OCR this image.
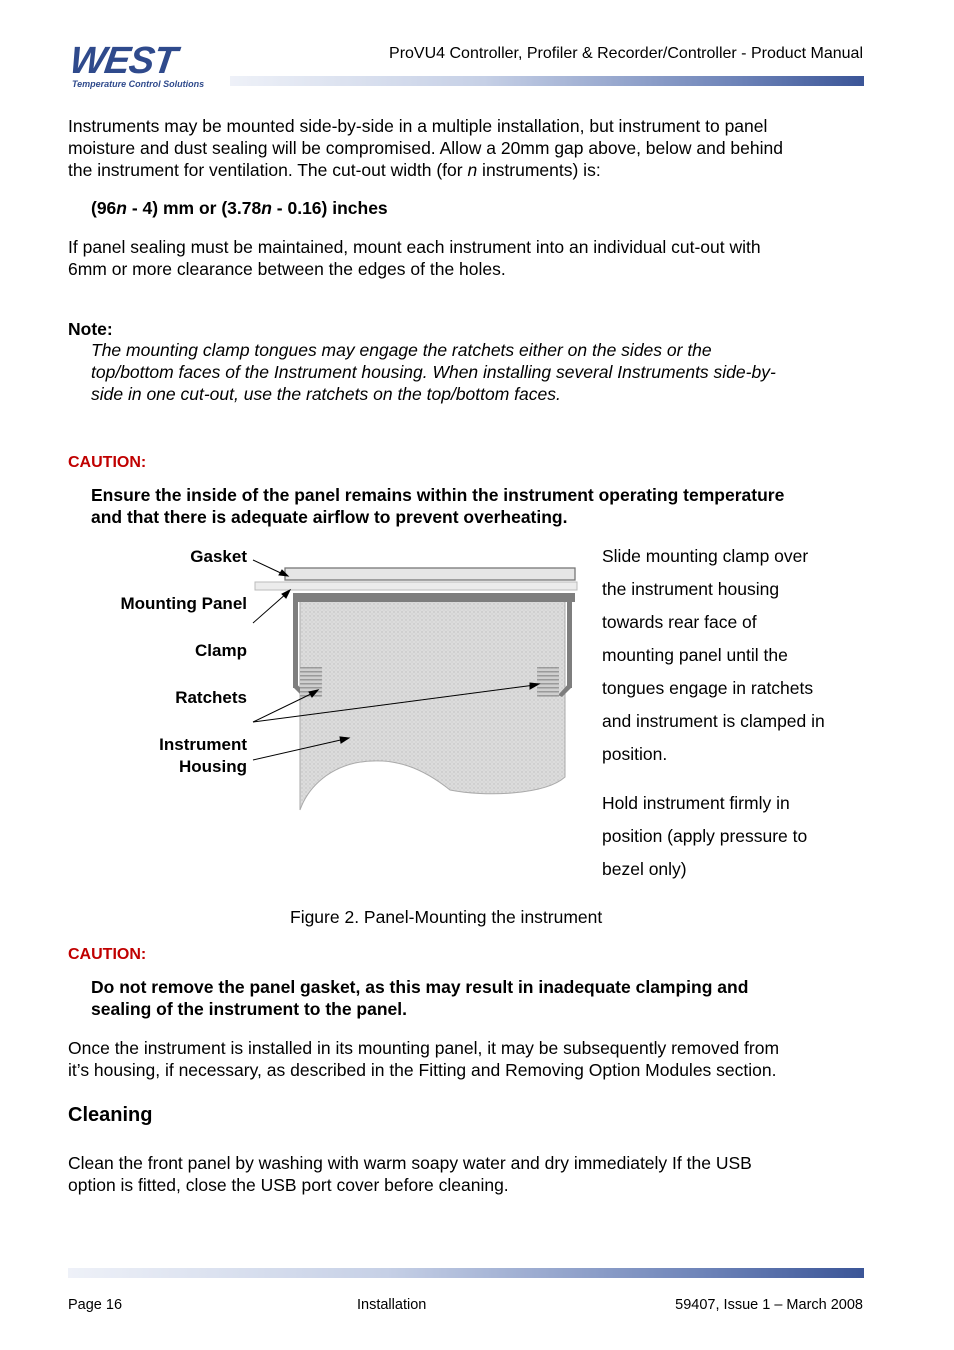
WEST
Temperature Control Solutions
ProVU4 Controller, Profiler & Recorder/Controller - Product Manual
Instruments may be mounted side-by-side in a multiple installation, but instrument to panel
moisture and dust sealing will be compromised. Allow a 20mm gap above, below and behind
the instrument for ventilation. The cut-out width (for n instruments) is:
(96n - 4) mm or (3.78n - 0.16) inches
If panel sealing must be maintained, mount each instrument into an individual cut-out with
6mm or more clearance between the edges of the holes.
Note:
The mounting clamp tongues may engage the ratchets either on the sides or the
top/bottom faces of the Instrument housing. When installing several Instruments side-by-
side in one cut-out, use the ratchets on the top/bottom faces.
CAUTION:
Ensure the inside of the panel remains within the instrument operating temperature
and that there is adequate airflow to prevent overheating.
Gasket
Mounting Panel
Clamp
Ratchets
Instrument
Housing
Slide mounting clamp over
the instrument housing
towards rear face of
mounting panel until the
tongues engage in ratchets
and instrument is clamped in
position.
Hold instrument firmly in
position (apply pressure to
bezel only)
Figure 2. Panel-Mounting the instrument
CAUTION:
Do not remove the panel gasket, as this may result in inadequate clamping and
sealing of the instrument to the panel.
Once the instrument is installed in its mounting panel, it may be subsequently removed from
it’s housing, if necessary, as described in the Fitting and Removing Option Modules section.
Cleaning
Clean the front panel by washing with warm soapy water and dry immediately If the USB
option is fitted, close the USB port cover before cleaning.
Page 16	Installation	59407, Issue 1 – March 2008
